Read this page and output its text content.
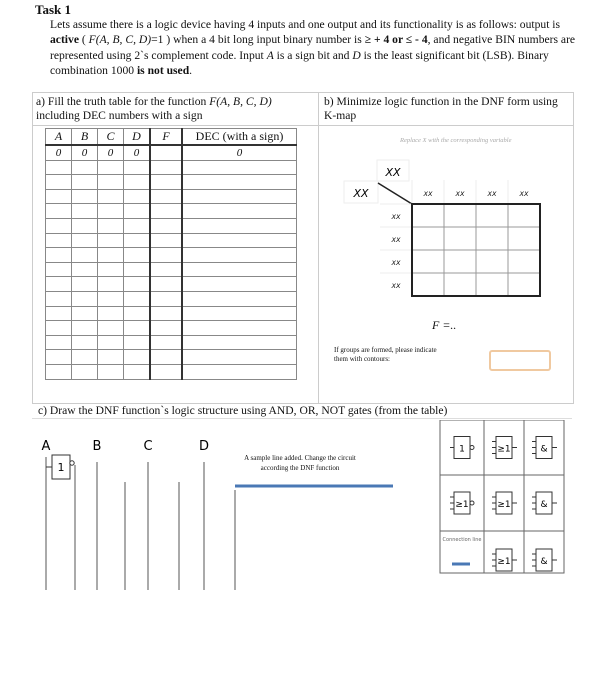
Task 1
Lets assume there is a logic device having 4 inputs and one output and its functionality is as follows: output is active ( F(A, B, C, D)=1 ) when a 4 bit long input binary number is ≥ + 4 or ≤ - 4, and negative BIN numbers are represented using 2`s complement code. Input A is a sign bit and D is the least significant bit (LSB). Binary combination 1000 is not used.
a) Fill the truth table for the function F(A, B, C, D)
including DEC numbers with a sign
b) Minimize logic function in the DNF form using K-map
A	B	C	D	F	DEC (with a sign)
0	0	0	0		0

Replace X with the corresponding variable
XX
XX	XX
XX
XX
XX
XX
XX
XX
XX
F =..
If groups are formed, please indicate them with contours:
c) Draw the DNF function`s logic structure using AND, OR, NOT gates (from the table)
A sample line added. Change the circuit according the DNF function
A	B	C	D
1
1	≥1	&
≥1	≥1	&
Connection line
≥1	&
